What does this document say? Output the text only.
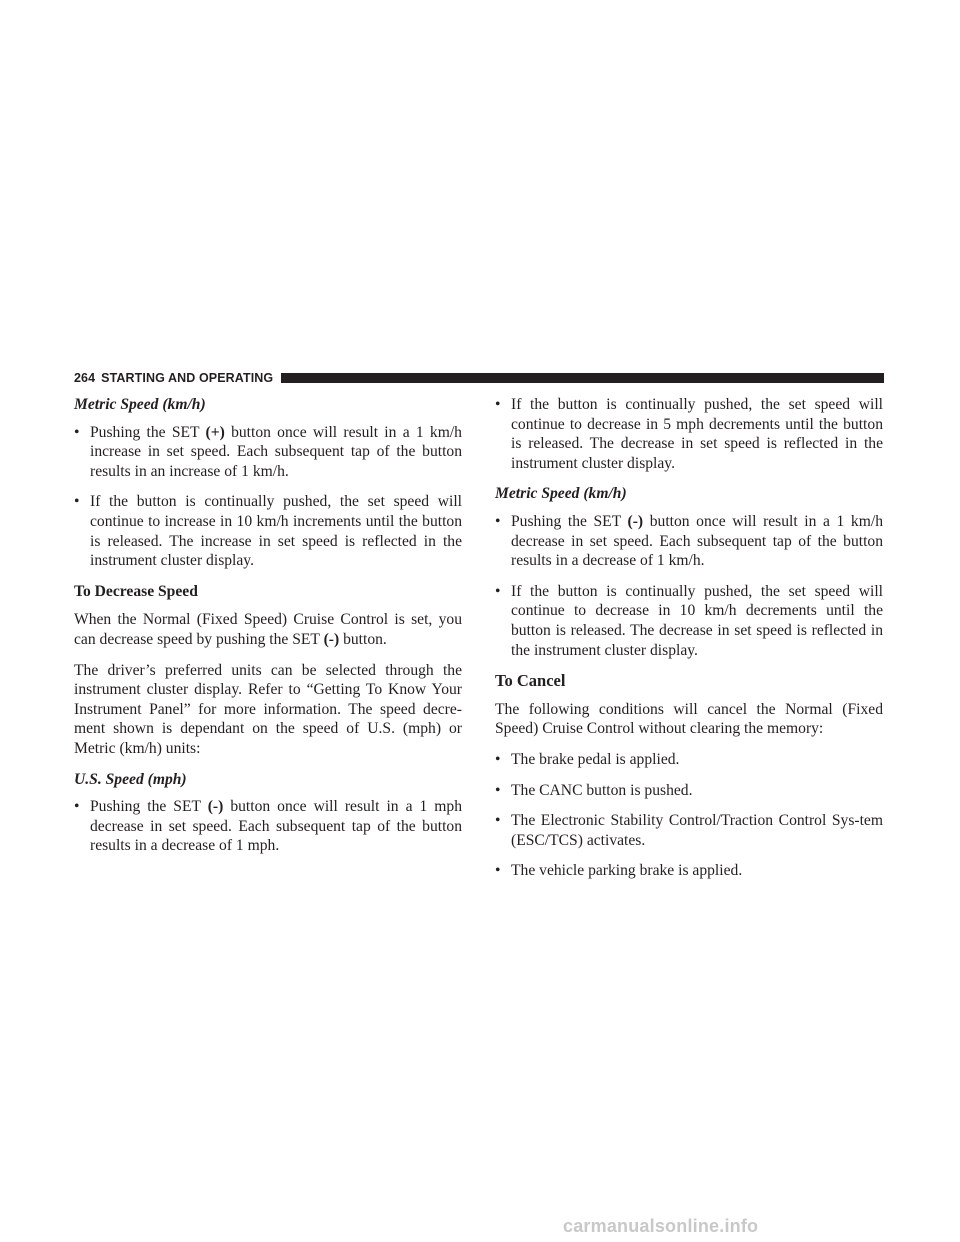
264 STARTING AND OPERATING
Metric Speed (km/h)
• Pushing the SET (+) button once will result in a 1 km/h increase in set speed. Each subsequent tap of the button results in an increase of 1 km/h.
• If the button is continually pushed, the set speed will continue to increase in 10 km/h increments until the button is released. The increase in set speed is reflected in the instrument cluster display.
To Decrease Speed

When the Normal (Fixed Speed) Cruise Control is set, you can decrease speed by pushing the SET (-) button.

The driver’s preferred units can be selected through the instrument cluster display. Refer to “Getting To Know Your Instrument Panel” for more information. The speed decre-ment shown is dependant on the speed of U.S. (mph) or Metric (km/h) units:

U.S. Speed (mph)
• Pushing the SET (-) button once will result in a 1 mph decrease in set speed. Each subsequent tap of the button results in a decrease of 1 mph.
• If the button is continually pushed, the set speed will continue to decrease in 5 mph decrements until the button is released. The decrease in set speed is reflected in the instrument cluster display.
Metric Speed (km/h)
• Pushing the SET (-) button once will result in a 1 km/h decrease in set speed. Each subsequent tap of the button results in a decrease of 1 km/h.
• If the button is continually pushed, the set speed will continue to decrease in 10 km/h decrements until the button is released. The decrease in set speed is reflected in the instrument cluster display.
To Cancel

The following conditions will cancel the Normal (Fixed Speed) Cruise Control without clearing the memory:

• The brake pedal is applied.
• The CANC button is pushed.
• The Electronic Stability Control/Traction Control Sys-tem (ESC/TCS) activates.
• The vehicle parking brake is applied.
carmanualsonline.info
